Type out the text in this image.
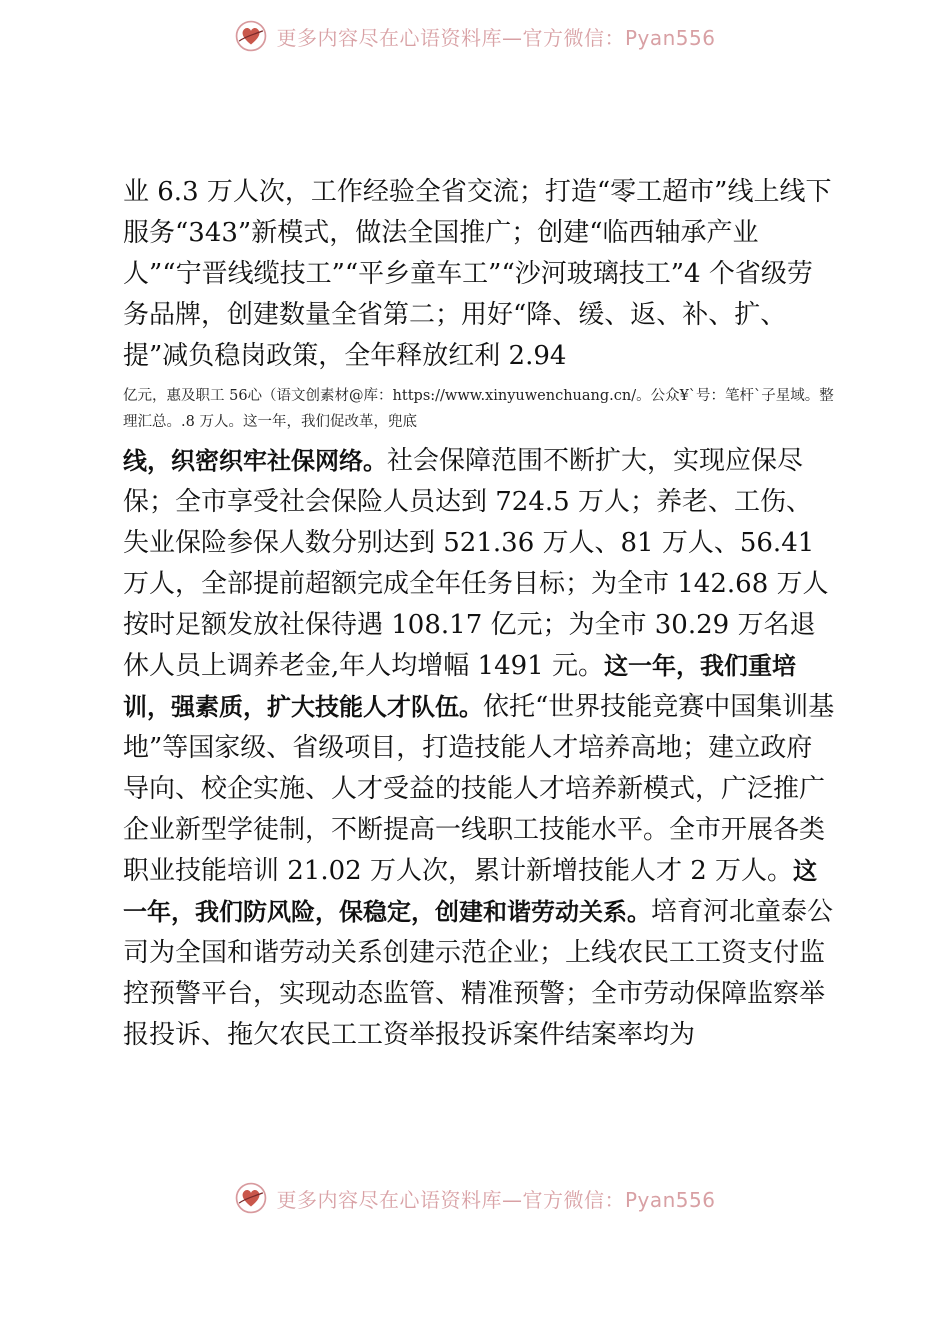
更多内容尽在心语资料库—官方微信：Pyan556

业 6.3 万人次，工作经验全省交流；打造“零工超市”线上线下服务“343”新模式，做法全国推广；创建“临西轴承产业人”“宁晋线缆技工”“平乡童车工”“沙河玻璃技工”4 个省级劳务品牌，创建数量全省第二；用好“降、缓、返、补、扩、提”减负稳岗政策，全年释放红利 2.94

亿元，惠及职工 56心（语文创素材@库：https://www.xinyuwenchuang.cn/。公众¥`号：笔杆`子星域。整理汇总。.8 万人。这一年，我们促改革，兜底

线，织密织牢社保网络。社会保障范围不断扩大，实现应保尽保；全市享受社会保险人员达到 724.5 万人；养老、工伤、失业保险参保人数分别达到 521.36 万人、81 万人、56.41 万人，全部提前超额完成全年任务目标；为全市 142.68 万人按时足额发放社保待遇 108.17 亿元；为全市 30.29 万名退休人员上调养老金,年人均增幅 1491 元。这一年，我们重培训，强素质，扩大技能人才队伍。依托“世界技能竞赛中国集训基地”等国家级、省级项目，打造技能人才培养高地；建立政府导向、校企实施、人才受益的技能人才培养新模式，广泛推广企业新型学徒制，不断提高一线职工技能水平。全市开展各类职业技能培训 21.02 万人次，累计新增技能人才 2 万人。这一年，我们防风险，保稳定，创建和谐劳动关系。培育河北童泰公司为全国和谐劳动关系创建示范企业；上线农民工工资支付监控预警平台，实现动态监管、精准预警；全市劳动保障监察举报投诉、拖欠农民工工资举报投诉案件结案率均为

更多内容尽在心语资料库—官方微信：Pyan556
